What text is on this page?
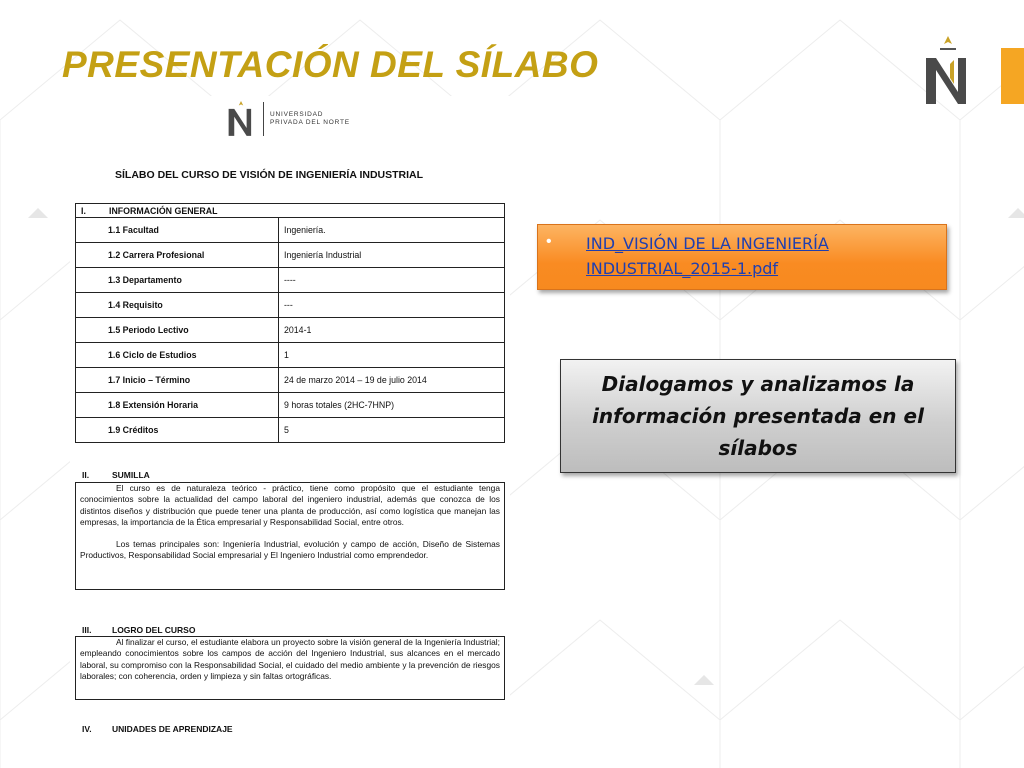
PRESENTACIÓN DEL SÍLABO
UNIVERSIDAD
PRIVADA DEL NORTE

SÍLABO DEL CURSO DE VISIÓN DE INGENIERÍA INDUSTRIAL

I. INFORMACIÓN GENERAL	
1.1 Facultad	Ingeniería.
1.2 Carrera Profesional	Ingeniería Industrial
1.3 Departamento	----
1.4 Requisito	---
1.5 Periodo Lectivo	2014-1
1.6 Ciclo de Estudios	1
1.7 Inicio – Término	24 de marzo 2014 – 19 de julio 2014
1.8 Extensión Horaria	9 horas totales (2HC-7HNP)
1.9 Créditos	5
II.	SUMILLA

El curso es de naturaleza teórico - práctico, tiene como propósito que el estudiante tenga conocimientos sobre la actualidad del campo laboral del ingeniero industrial, además que conozca de los distintos diseños y distribución que puede tener una planta de producción, así como logística que manejan las empresas, la importancia de la Ética empresarial y Responsabilidad Social, entre otros.

Los temas principales son: Ingeniería Industrial, evolución y campo de acción, Diseño de Sistemas Productivos, Responsabilidad Social empresarial y El Ingeniero Industrial como emprendedor.

III. LOGRO DEL CURSO

Al finalizar el curso, el estudiante elabora un proyecto sobre la visión general de la Ingeniería Industrial; empleando conocimientos sobre los campos de acción del Ingeniero Industrial, sus alcances en el mercado laboral, su compromiso con la Responsabilidad Social, el cuidado del medio ambiente y la prevención de riesgos laborales; con coherencia, orden y limpieza y sin faltas ortográficas.

IV. UNIDADES DE APRENDIZAJE
• IND_VISIÓN DE LA INGENIERÍA INDUSTRIAL_2015-1.pdf
Dialogamos y analizamos la información presentada en el sílabos
